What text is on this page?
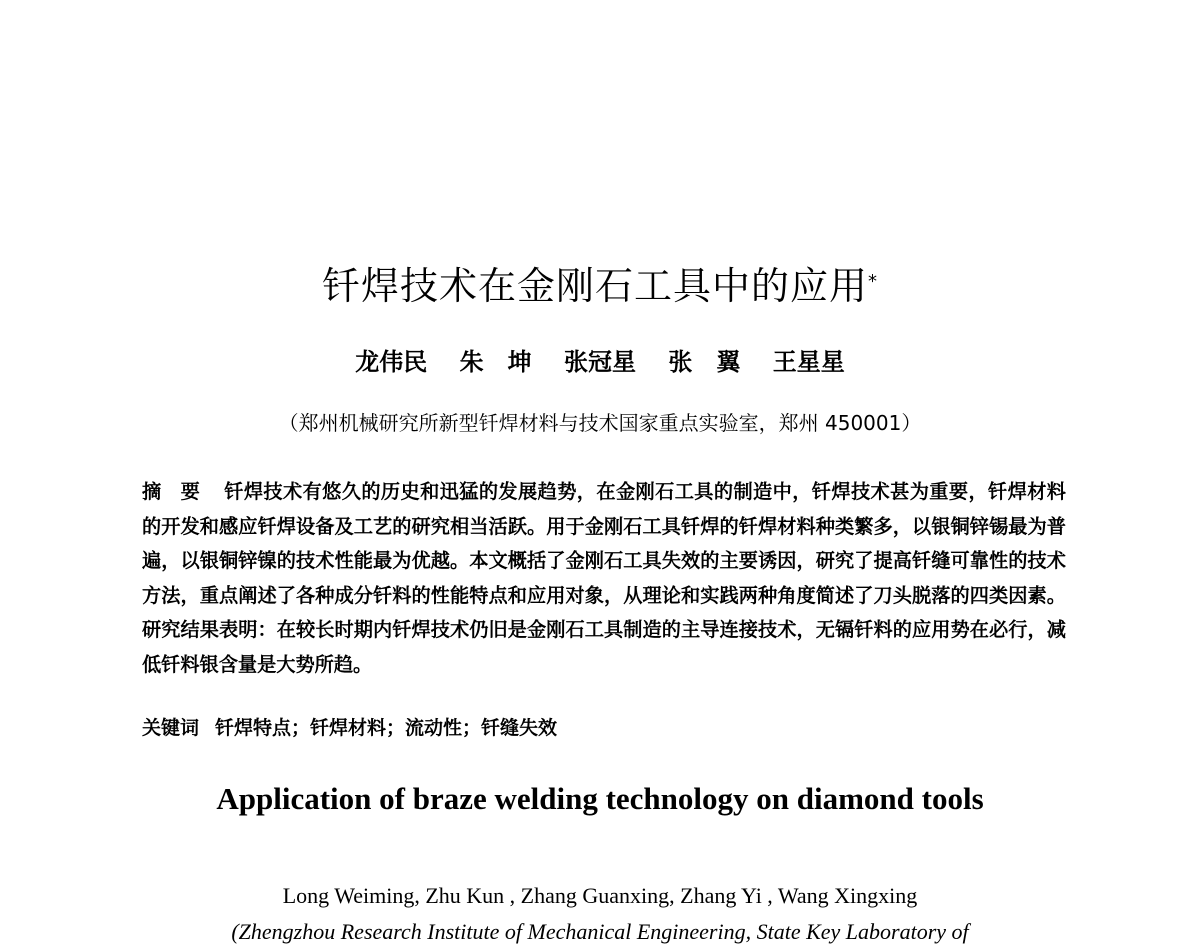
钎焊技术在金刚石工具中的应用*
龙伟民 朱　坤 张冠星 张　翼 王星星
（郑州机械研究所新型钎焊材料与技术国家重点实验室，郑州 450001）
摘 要 钎焊技术有悠久的历史和迅猛的发展趋势，在金刚石工具的制造中，钎焊技术甚为重要，钎焊材料的开发和感应钎焊设备及工艺的研究相当活跃。用于金刚石工具钎焊的钎焊材料种类繁多，以银铜锌锡最为普遍，以银铜锌镍的技术性能最为优越。本文概括了金刚石工具失效的主要诱因，研究了提高钎缝可靠性的技术方法，重点阐述了各种成分钎料的性能特点和应用对象，从理论和实践两种角度简述了刀头脱落的四类因素。研究结果表明：在较长时期内钎焊技术仍旧是金刚石工具制造的主导连接技术，无镉钎料的应用势在必行，减低钎料银含量是大势所趋。
关键词 钎焊特点；钎焊材料；流动性；钎缝失效
Application of braze welding technology on diamond tools
Long Weiming, Zhu Kun , Zhang Guanxing, Zhang Yi , Wang Xingxing
(Zhengzhou Research Institute of Mechanical Engineering, State Key Laboratory of
